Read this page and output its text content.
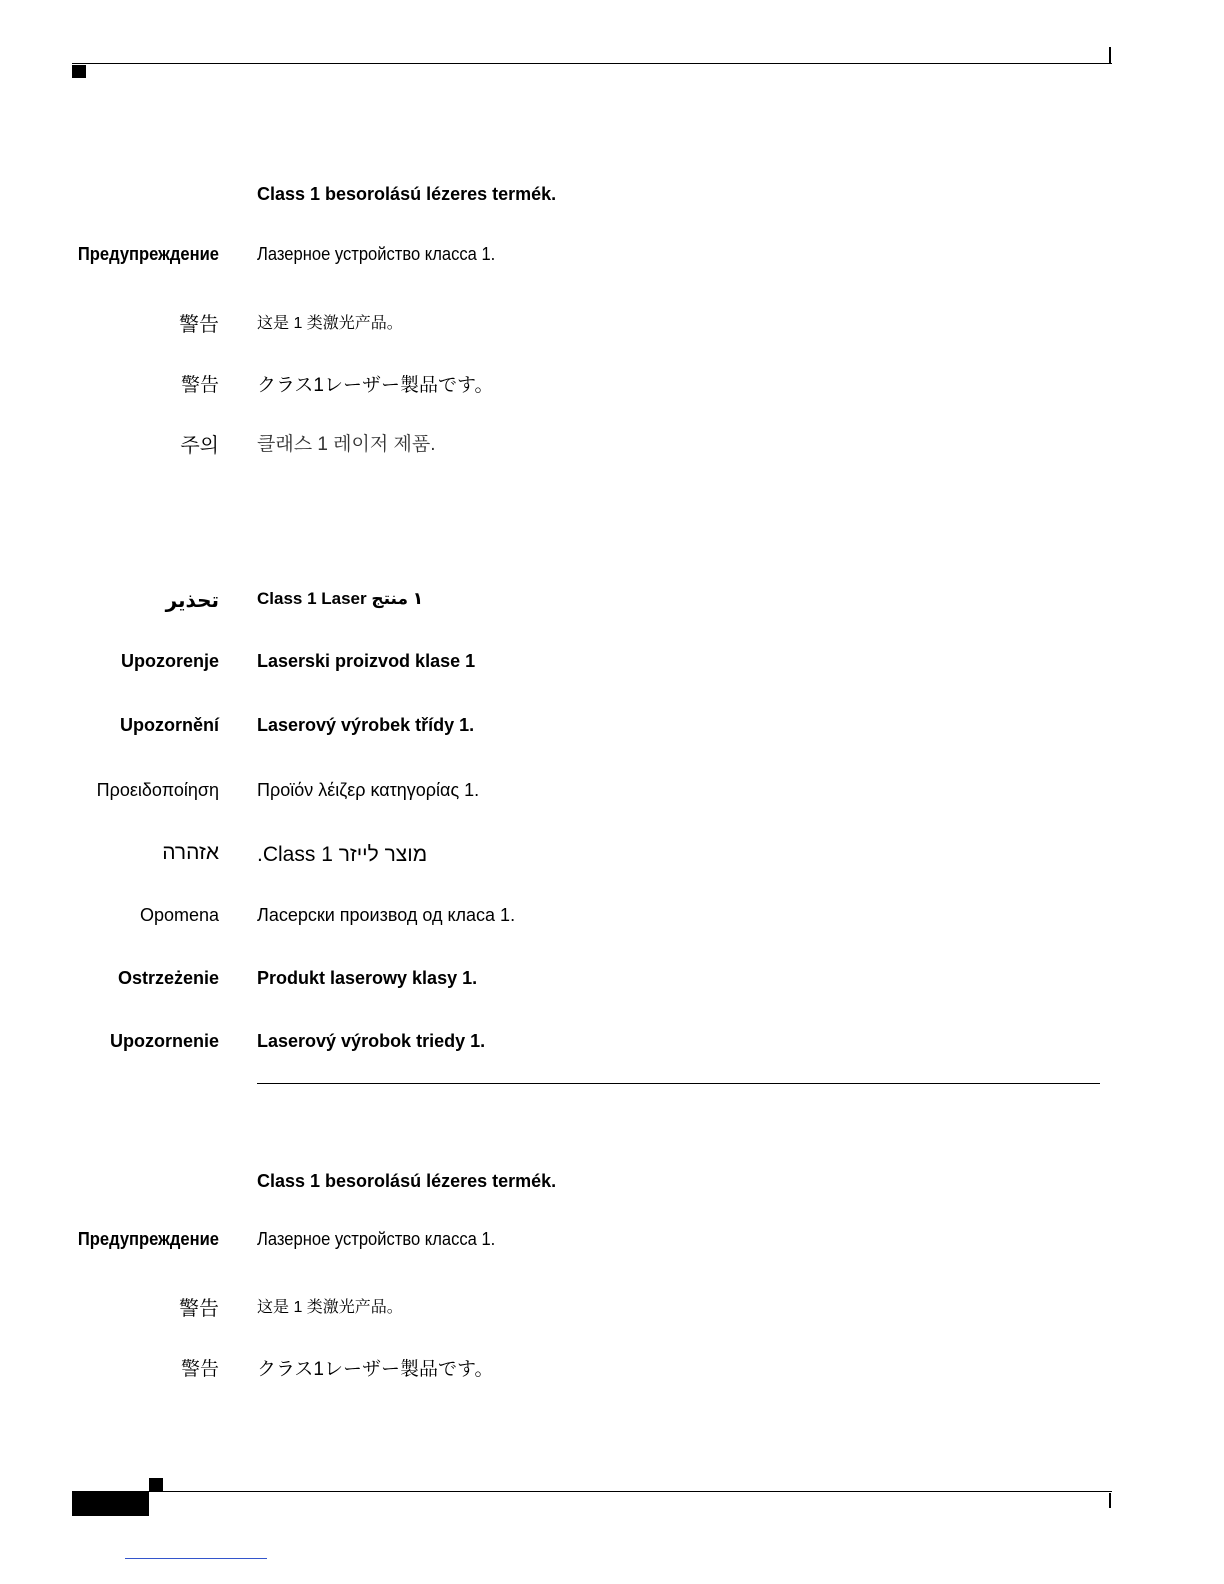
Class 1 besorolású lézeres termék.
Предупреждение Лазерное устройство класса 1.
警告 这是 1 类激光产品。
警告 クラス1レーザー製品です。
주의 클래스 1 레이저 제품.
تحذير Class 1 Laser ١ منتج
Upozorenje Laserski proizvod klase 1
Upozornění Laserový výrobek třídy 1.
Προειδοποίηση Προϊόν λέιζερ κατηγορίας 1.
אזהרה מוצר לייזר Class 1.
Opomena Ласерски производ од класа 1.
Ostrzeżenie Produkt laserowy klasy 1.
Upozornenie Laserový výrobok triedy 1.
Class 1 besorolású lézeres termék.
Предупреждение Лазерное устройство класса 1.
警告 这是 1 类激光产品。
警告 クラス1レーザー製品です。
